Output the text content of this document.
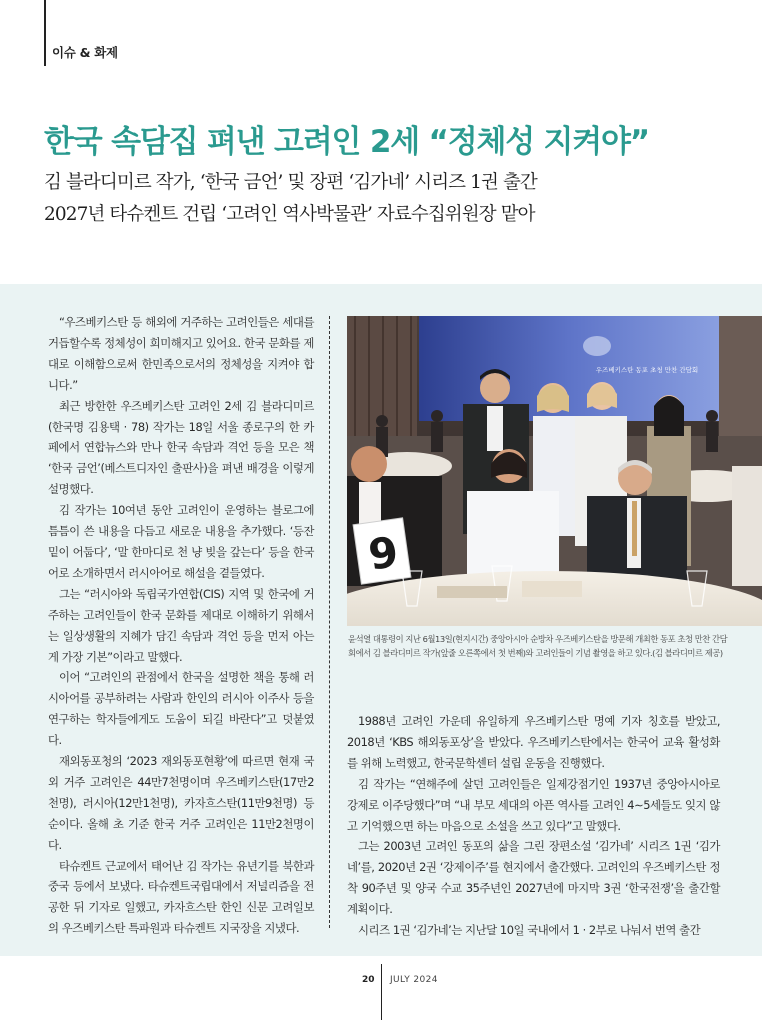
이슈 & 화제
한국 속담집 펴낸 고려인 2세 “정체성 지켜야”
김 블라디미르 작가, ‘한국 금언’ 및 장편 ‘김가네’ 시리즈 1권 출간
2027년 타슈켄트 건립 ‘고려인 역사박물관’ 자료수집위원장 맡아

“우즈베키스탄 등 해외에 거주하는 고려인들은 세대를 거듭할수록 정체성이 희미해지고 있어요. 한국 문화를 제대로 이해함으로써 한민족으로서의 정체성을 지켜야 합니다.”

최근 방한한 우즈베키스탄 고려인 2세 김 블라디미르(한국명 김용택 · 78) 작가는 18일 서울 종로구의 한 카페에서 연합뉴스와 만나 한국 속담과 격언 등을 모은 책 ‘한국 금언’(베스트디자인 출판사)을 펴낸 배경을 이렇게 설명했다.

김 작가는 10여년 동안 고려인이 운영하는 블로그에 틈틈이 쓴 내용을 다듬고 새로운 내용을 추가했다. ‘등잔 밑이 어둡다’, ‘말 한마디로 천 냥 빚을 갚는다’ 등을 한국어로 소개하면서 러시아어로 해설을 곁들였다.

그는 “러시아와 독립국가연합(CIS) 지역 및 한국에 거주하는 고려인들이 한국 문화를 제대로 이해하기 위해서는 일상생활의 지혜가 담긴 속담과 격언 등을 먼저 아는 게 가장 기본”이라고 말했다.

이어 “고려인의 관점에서 한국을 설명한 책을 통해 러시아어를 공부하려는 사람과 한인의 러시아 이주사 등을 연구하는 학자들에게도 도움이 되길 바란다”고 덧붙였다.

재외동포청의 ‘2023 재외동포현황’에 따르면 현재 국외 거주 고려인은 44만7천명이며 우즈베키스탄(17만2천명), 러시아(12만1천명), 카자흐스탄(11만9천명) 등 순이다. 올해 초 기준 한국 거주 고려인은 11만2천명이다.

타슈켄트 근교에서 태어난 김 작가는 유년기를 북한과 중국 등에서 보냈다. 타슈켄트국립대에서 저널리즘을 전공한 뒤 기자로 일했고, 카자흐스탄 한인 신문 고려일보의 우즈베키스탄 특파원과 타슈켄트 지국장을 지냈다.

우즈베키스탄 동포 초청 만찬 간담회
9
윤석열 대통령이 지난 6월13일(현지시간) 중앙아시아 순방차 우즈베키스탄을 방문해 개최한 동포 초청 만찬 간담회에서 김 블라디미르 작가(앞줄 오른쪽에서 첫 번째)와 고려인들이 기념 촬영을 하고 있다.(김 블라디미르 제공)

1988년 고려인 가운데 유일하게 우즈베키스탄 명예 기자 칭호를 받았고, 2018년 ‘KBS 해외동포상’을 받았다. 우즈베키스탄에서는 한국어 교육 활성화를 위해 노력했고, 한국문학센터 설립 운동을 진행했다.

김 작가는 “연해주에 살던 고려인들은 일제강점기인 1937년 중앙아시아로 강제로 이주당했다”며 “내 부모 세대의 아픈 역사를 고려인 4∼5세들도 잊지 않고 기억했으면 하는 마음으로 소설을 쓰고 있다”고 말했다.

그는 2003년 고려인 동포의 삶을 그린 장편소설 ‘김가네’ 시리즈 1권 ‘김가네’를, 2020년 2권 ‘강제이주’를 현지에서 출간했다. 고려인의 우즈베키스탄 정착 90주년 및 양국 수교 35주년인 2027년에 마지막 3권 ‘한국전쟁’을 출간할 계획이다.

시리즈 1권 ‘김가네’는 지난달 10일 국내에서 1 · 2부로 나눠서 번역 출간

20 JULY 2024
